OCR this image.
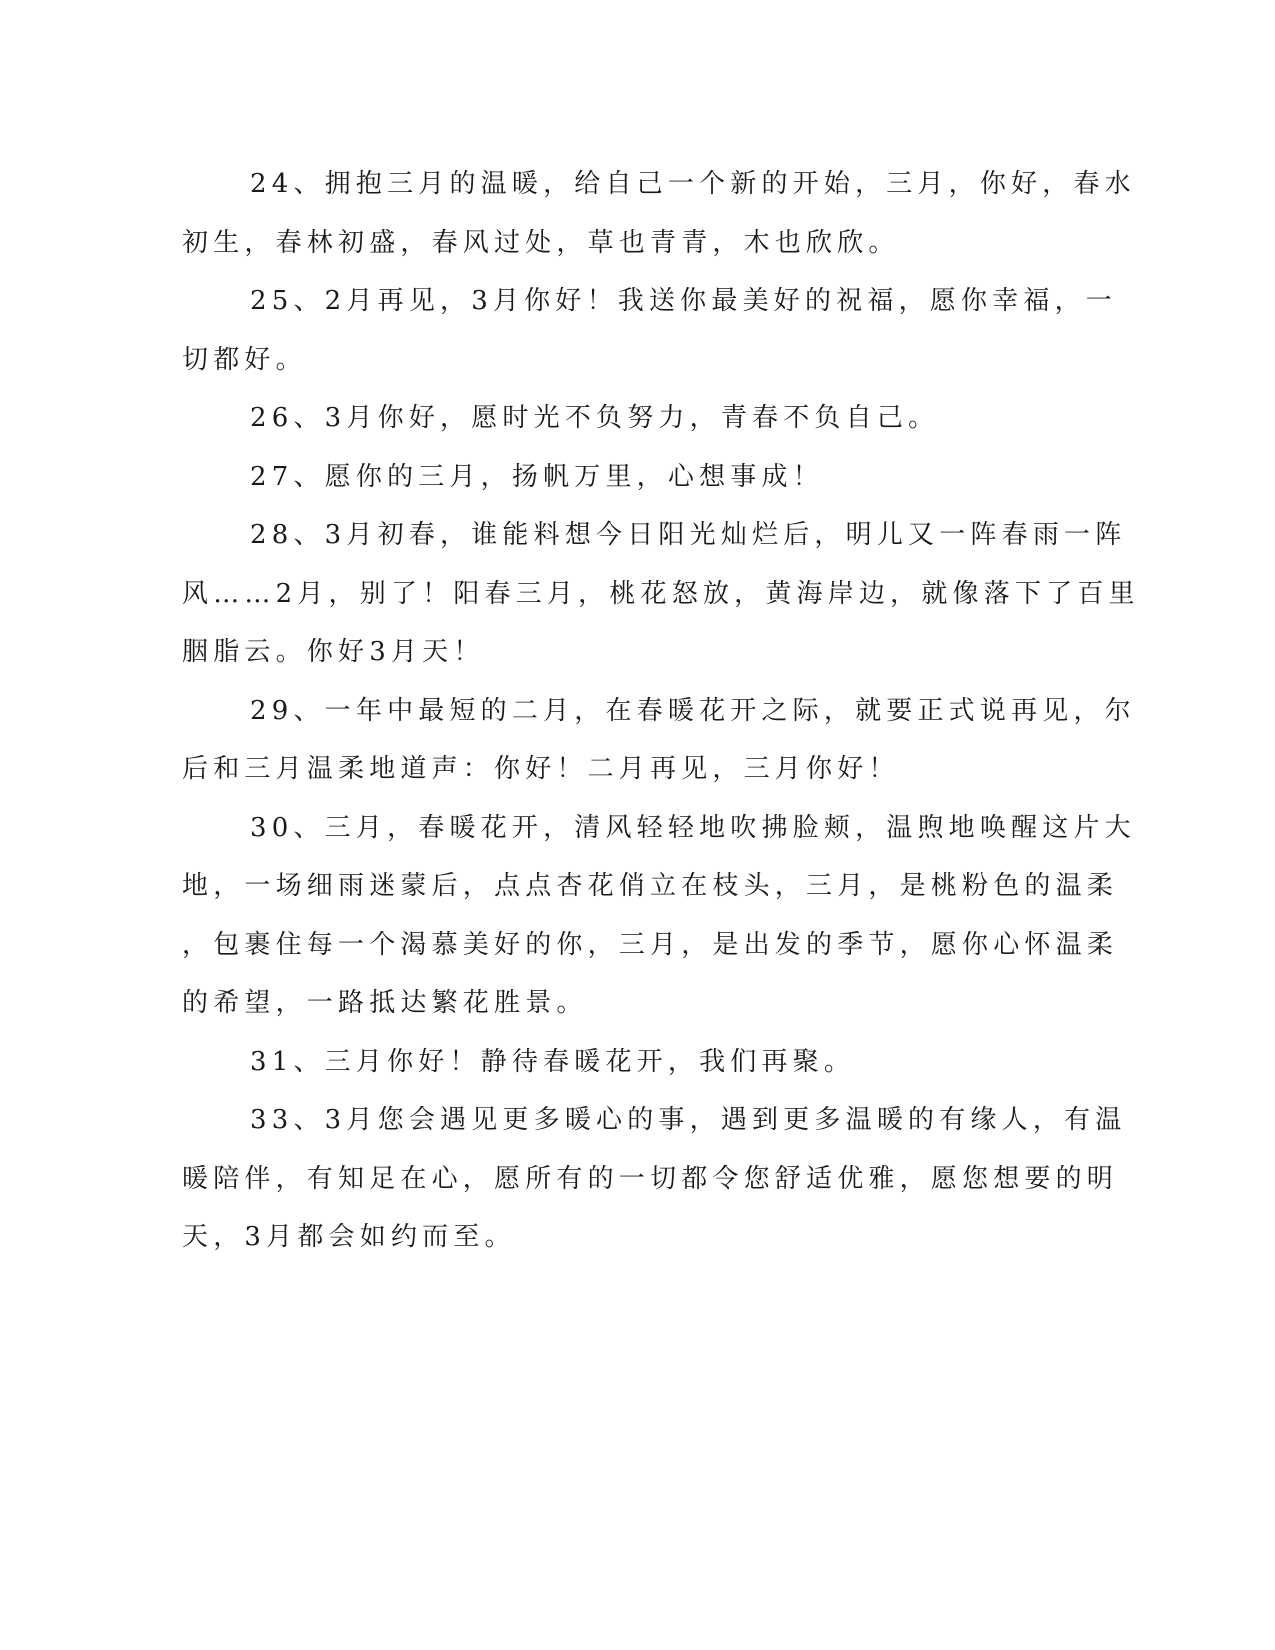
24、拥抱三月的温暖，给自己一个新的开始，三月，你好，春水
初生，春林初盛，春风过处，草也青青，木也欣欣。
25、2月再见，3月你好！我送你最美好的祝福，愿你幸福，一
切都好。
26、3月你好，愿时光不负努力，青春不负自己。
27、愿你的三月，扬帆万里，心想事成！
28、3月初春，谁能料想今日阳光灿烂后，明儿又一阵春雨一阵
风……2月，别了！阳春三月，桃花怒放，黄海岸边，就像落下了百里
胭脂云。你好3月天！
29、一年中最短的二月，在春暖花开之际，就要正式说再见，尔
后和三月温柔地道声：你好！二月再见，三月你好！
30、三月，春暖花开，清风轻轻地吹拂脸颊，温煦地唤醒这片大
地，一场细雨迷蒙后，点点杏花俏立在枝头，三月，是桃粉色的温柔
，包裹住每一个渴慕美好的你，三月，是出发的季节，愿你心怀温柔
的希望，一路抵达繁花胜景。
31、三月你好！静待春暖花开，我们再聚。
33、3月您会遇见更多暖心的事，遇到更多温暖的有缘人，有温
暖陪伴，有知足在心，愿所有的一切都令您舒适优雅，愿您想要的明
天，3月都会如约而至。
